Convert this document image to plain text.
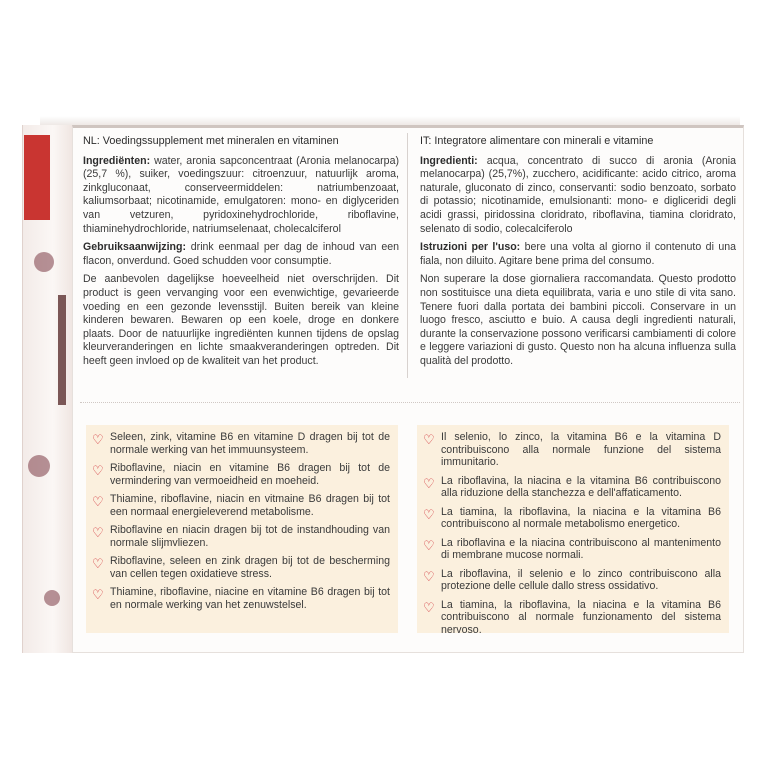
NL: Voedingssupplement met mineralen en vitaminen

Ingrediënten: water, aronia sapconcentraat (Aronia melanocarpa) (25,7 %), suiker, voedingszuur: citroenzuur, natuurlijk aroma, zinkgluconaat, conserveermiddelen: natriumbenzoaat, kaliumsorbaat; nicotinamide, emulgatoren: mono- en diglyceriden van vetzuren, pyridoxinehydrochloride, riboflavine, thiaminehydrochloride, natriumselenaat, cholecalciferol

Gebruiksaanwijzing: drink eenmaal per dag de inhoud van een flacon, onverdund. Goed schudden voor consumptie.

De aanbevolen dagelijkse hoeveelheid niet overschrijden. Dit product is geen vervanging voor een evenwichtige, gevarieerde voeding en een gezonde levensstijl. Buiten bereik van kleine kinderen bewaren. Bewaren op een koele, droge en donkere plaats. Door de natuurlijke ingrediënten kunnen tijdens de opslag kleurveranderingen en lichte smaakveranderingen optreden. Dit heeft geen invloed op de kwaliteit van het product.

IT: Integratore alimentare con minerali e vitamine

Ingredienti: acqua, concentrato di succo di aronia (Aronia melanocarpa) (25,7%), zucchero, acidificante: acido citrico, aroma naturale, gluconato di zinco, conservanti: sodio benzoato, sorbato di potassio; nicotinamide, emulsionanti: mono- e digliceridi degli acidi grassi, piridossina cloridrato, riboflavina, tiamina cloridrato, selenato di sodio, colecalciferolo

Istruzioni per l'uso: bere una volta al giorno il contenuto di una fiala, non diluito. Agitare bene prima del consumo.

Non superare la dose giornaliera raccomandata. Questo prodotto non sostituisce una dieta equilibrata, varia e uno stile di vita sano. Tenere fuori dalla portata dei bambini piccoli. Conservare in un luogo fresco, asciutto e buio. A causa degli ingredienti naturali, durante la conservazione possono verificarsi cambiamenti di colore e leggere variazioni di gusto. Questo non ha alcuna influenza sulla qualità del prodotto.

♡ Seleen, zink, vitamine B6 en vitamine D dragen bij tot de normale werking van het immuunsysteem.
♡ Riboflavine, niacin en vitamine B6 dragen bij tot de vermindering van vermoeidheid en moeheid.
♡ Thiamine, riboflavine, niacin en vitmaine B6 dragen bij tot een normaal energieleverend metabolisme.
♡ Riboflavine en niacin dragen bij tot de instandhouding van normale slijmvliezen.
♡ Riboflavine, seleen en zink dragen bij tot de bescherming van cellen tegen oxidatieve stress.
♡ Thiamine, riboflavine, niacine en vitamine B6 dragen bij tot en normale werking van het zenuwstelsel.
♡ Il selenio, lo zinco, la vitamina B6 e la vitamina D contribuiscono alla normale funzione del sistema immunitario.
♡ La riboflavina, la niacina e la vitamina B6 contribuiscono alla riduzione della stanchezza e dell'affaticamento.
♡ La tiamina, la riboflavina, la niacina e la vitamina B6 contribuiscono al normale metabolismo energetico.
♡ La riboflavina e la niacina contribuiscono al mantenimento di membrane mucose normali.
♡ La riboflavina, il selenio e lo zinco contribuiscono alla protezione delle cellule dallo stress ossidativo.
♡ La tiamina, la riboflavina, la niacina e la vitamina B6 contribuiscono al normale funzionamento del sistema nervoso.
